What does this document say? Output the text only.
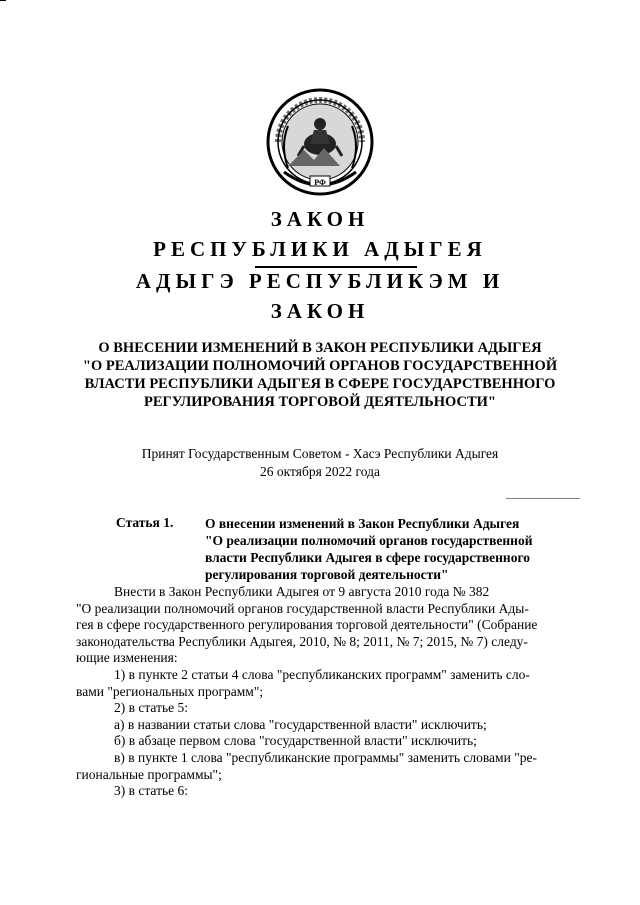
РФ
ЗАКОН
РЕСПУБЛИКИ АДЫГЕЯ
АДЫГЭ РЕСПУБЛИКЭМ И
ЗАКОН
О ВНЕСЕНИИ ИЗМЕНЕНИЙ В ЗАКОН РЕСПУБЛИКИ АДЫГЕЯ
"О РЕАЛИЗАЦИИ ПОЛНОМОЧИЙ ОРГАНОВ ГОСУДАРСТВЕННОЙ
ВЛАСТИ РЕСПУБЛИКИ АДЫГЕЯ В СФЕРЕ ГОСУДАРСТВЕННОГО
РЕГУЛИРОВАНИЯ ТОРГОВОЙ ДЕЯТЕЛЬНОСТИ"
Принят Государственным Советом - Хасэ Республики Адыгея
26 октября 2022 года
Статья 1. О внесении изменений в Закон Республики Адыгея
"О реализации полномочий органов государственной
власти Республики Адыгея в сфере государственного
регулирования торговой деятельности"
Внести в Закон Республики Адыгея от 9 августа 2010 года № 382
"О реализации полномочий органов государственной власти Республики Ады-
гея в сфере государственного регулирования торговой деятельности" (Собрание
законодательства Республики Адыгея, 2010, № 8; 2011, № 7; 2015, № 7) следу-
ющие изменения:
1) в пункте 2 статьи 4 слова "республиканских программ" заменить сло-
вами "региональных программ";
2) в статье 5:
а) в названии статьи слова "государственной власти" исключить;
б) в абзаце первом слова "государственной власти" исключить;
в) в пункте 1 слова "республиканские программы" заменить словами "ре-
гиональные программы";
3) в статье 6:
